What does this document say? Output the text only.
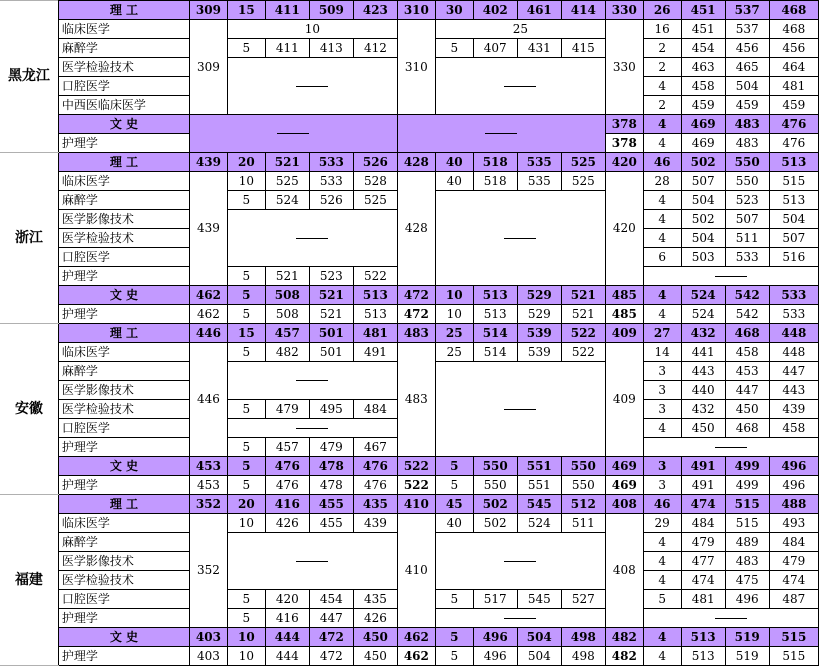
黑龙江	理 工	309	15	411	509	423	310	30	402	461	414	330	26	451	537	468
	临床医学	309	10				310	25				330	16	451	537	468
	麻醉学		5	411	413	412		5	407	431	415		2	454	456	456
	医学检验技术												2	463	465	464
	口腔医学												4	458	504	481
	中西医临床医学												2	459	459	459
	文 史											378	4	469	483	476
	护理学											378	4	469	483	476
浙江	理 工	439	20	521	533	526	428	40	518	535	525	420	46	502	550	513
	临床医学	439	10	525	533	528	428	40	518	535	525	420	28	507	550	515
	麻醉学		5	524	526	525							4	504	523	513
	医学影像技术												4	502	507	504
	医学检验技术												4	504	511	507
	口腔医学												6	503	533	516
	护理学		5	521	523	522										
	文 史	462	5	508	521	513	472	10	513	529	521	485	4	524	542	533
	护理学	462	5	508	521	513	472	10	513	529	521	485	4	524	542	533
安徽	理 工	446	15	457	501	481	483	25	514	539	522	409	27	432	468	448
	临床医学	446	5	482	501	491	483	25	514	539	522	409	14	441	458	448
	麻醉学												3	443	453	447
	医学影像技术												3	440	447	443
	医学检验技术		5	479	495	484							3	432	450	439
	口腔医学												4	450	468	458
	护理学		5	457	479	467										
	文 史	453	5	476	478	476	522	5	550	551	550	469	3	491	499	496
	护理学	453	5	476	478	476	522	5	550	551	550	469	3	491	499	496
福建	理 工	352	20	416	455	435	410	45	502	545	512	408	46	474	515	488
	临床医学	352	10	426	455	439	410	40	502	524	511	408	29	484	515	493
	麻醉学												4	479	489	484
	医学影像技术												4	477	483	479
	医学检验技术												4	474	475	474
	口腔医学		5	420	454	435		5	517	545	527		5	481	496	487
	护理学		5	416	447	426										
	文 史	403	10	444	472	450	462	5	496	504	498	482	4	513	519	515
	护理学	403	10	444	472	450	462	5	496	504	498	482	4	513	519	515
